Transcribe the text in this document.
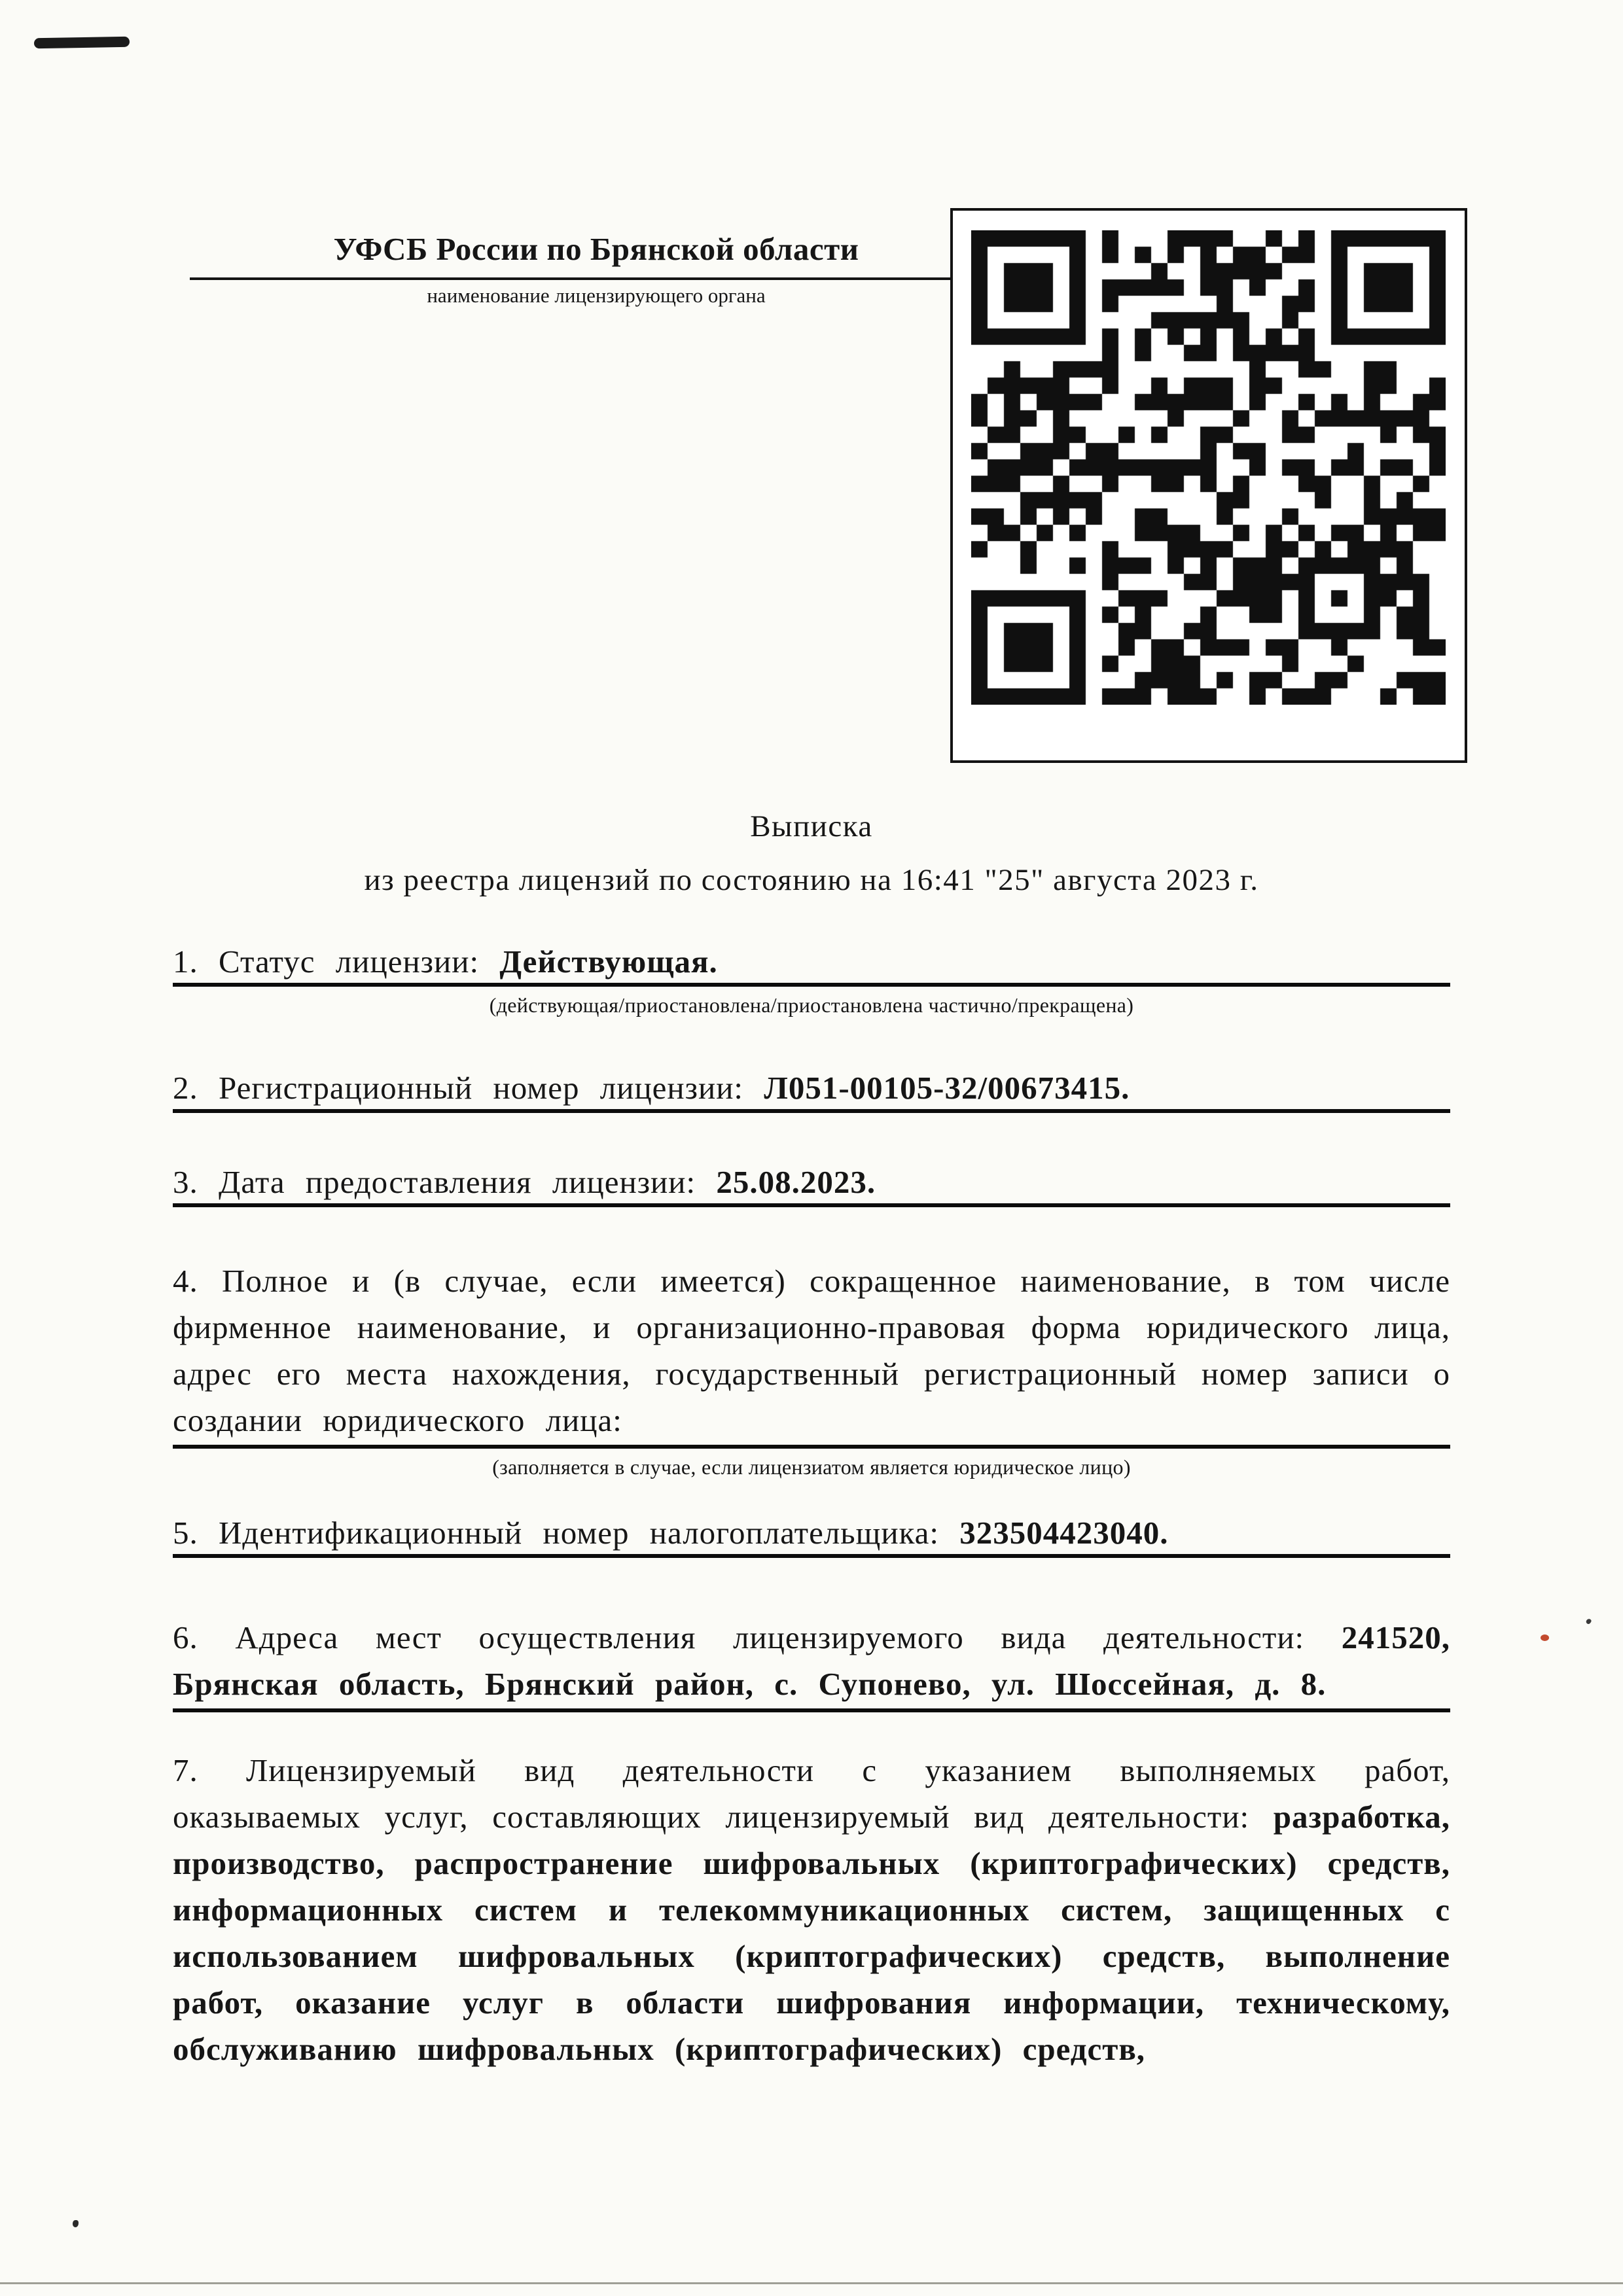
УФСБ России по Брянской области
наименование лицензирующего органа
Выписка
из реестра лицензий по состоянию на 16:41 "25" августа 2023 г.

1. Статус лицензии: Действующая.

(действующая/приостановлена/приостановлена частично/прекращена)

2. Регистрационный номер лицензии: Л051-00105-32/00673415.

3. Дата предоставления лицензии: 25.08.2023.

4. Полное и (в случае, если имеется) сокращенное наименование, в том числе фирменное наименование, и организационно-правовая форма юридического лица, адрес его места нахождения, государственный регистрационный номер записи о создании юридического лица:

(заполняется в случае, если лицензиатом является юридическое лицо)

5. Идентификационный номер налогоплательщика: 323504423040.

6. Адреса мест осуществления лицензируемого вида деятельности: 241520, Брянская область, Брянский район, с. Супонево, ул. Шоссейная, д. 8.

7. Лицензируемый вид деятельности с указанием выполняемых работ, оказываемых услуг, составляющих лицензируемый вид деятельности: разработка, производство, распространение шифровальных (криптографических) средств, информационных систем и телекоммуникационных систем, защищенных с использованием шифровальных (криптографических) средств, выполнение работ, оказание услуг в области шифрования информации, техническому, обслуживанию шифровальных (криптографических) средств,
